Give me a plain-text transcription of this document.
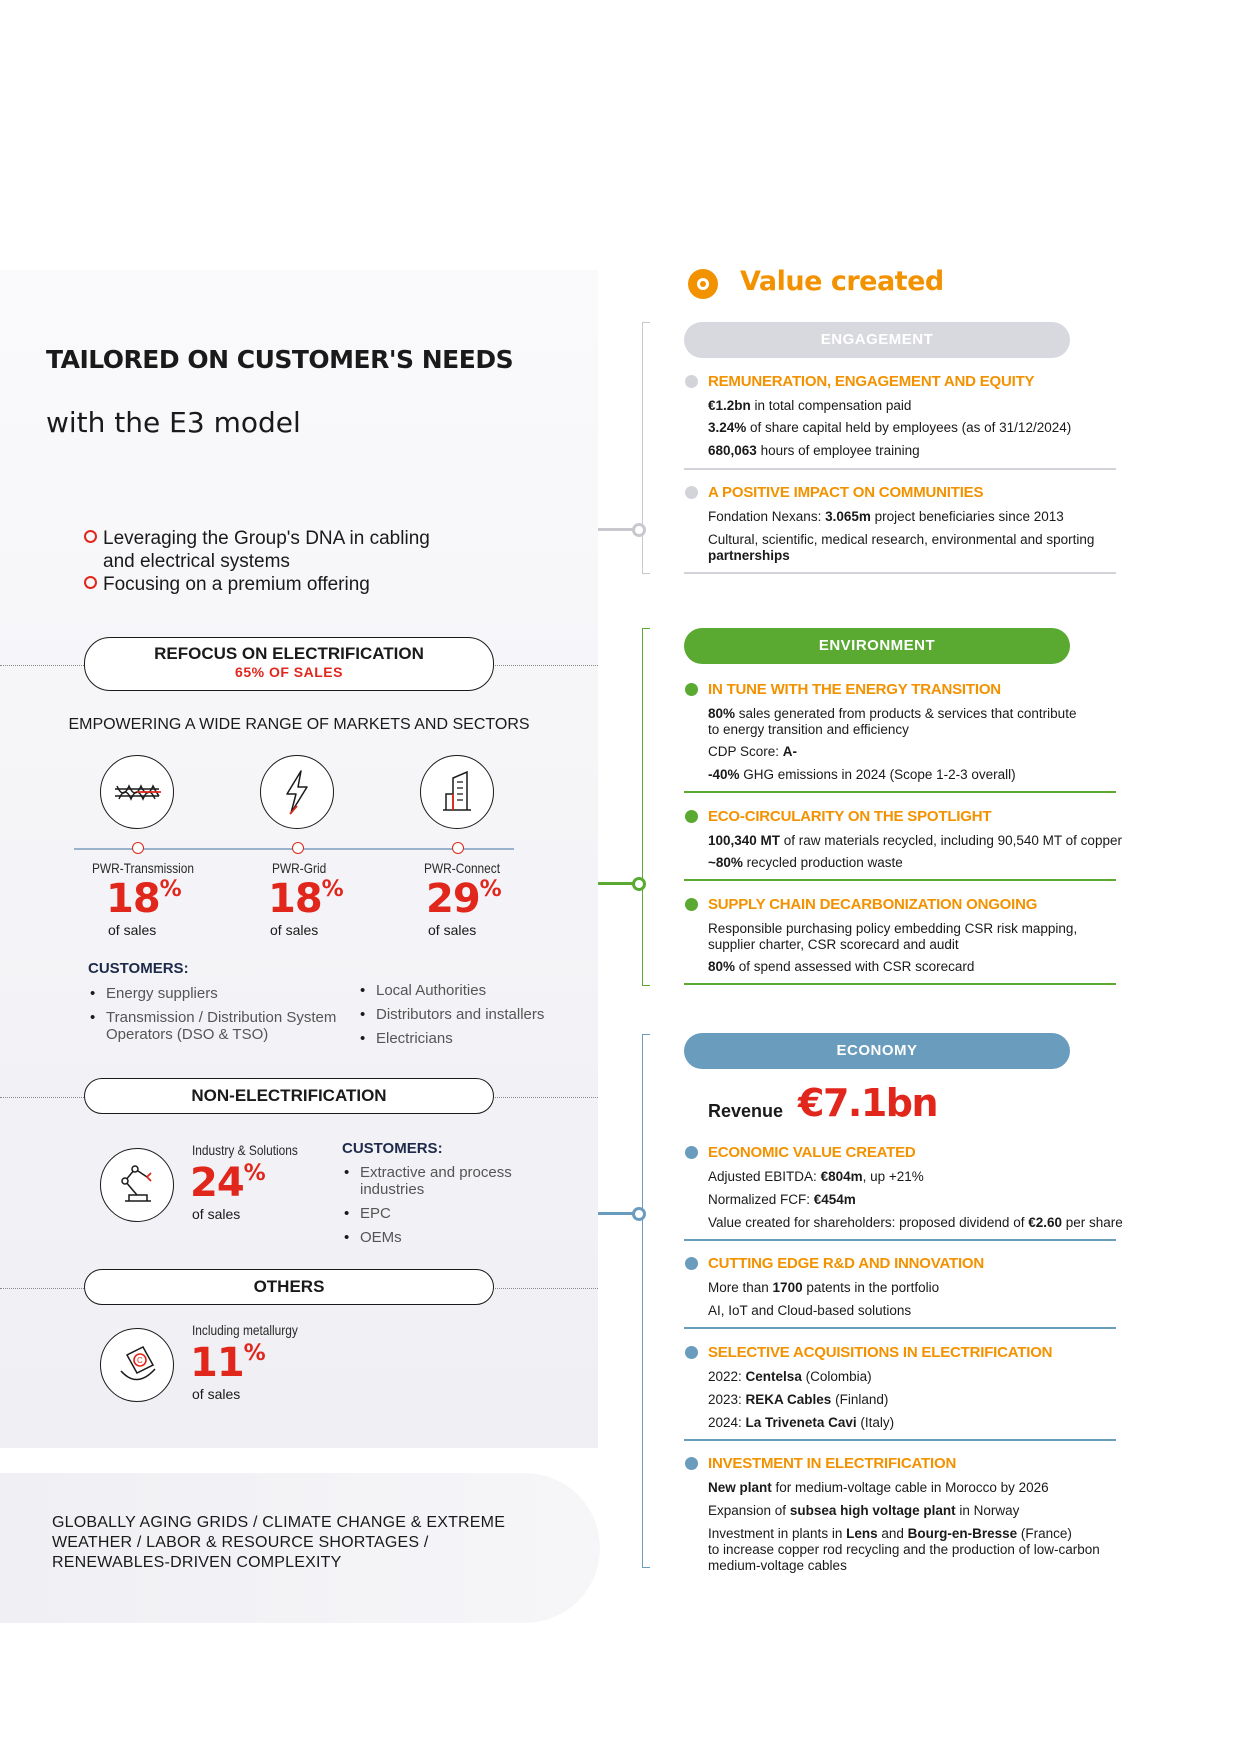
TAILORED ON CUSTOMER'S NEEDS
with the E3 model
Leveraging the Group's DNA in cabling
and electrical systems
Focusing on a premium offering
REFOCUS ON ELECTRIFICATION
65% OF SALES
EMPOWERING A WIDE RANGE OF MARKETS AND SECTORS
PWR-Transmission
18%
of sales
PWR-Grid
18%
of sales
PWR-Connect
29%
of sales
CUSTOMERS:
• Energy suppliers
• Transmission / Distribution System Operators (DSO & TSO)
• Local Authorities
• Distributors and installers
• Electricians
NON-ELECTRIFICATION
Industry & Solutions
24%
of sales
CUSTOMERS:
• Extractive and process industries
• EPC
• OEMs
OTHERS
C
Including metallurgy
11%
of sales
GLOBALLY AGING GRIDS / CLIMATE CHANGE & EXTREME
WEATHER / LABOR & RESOURCE SHORTAGES /
RENEWABLES-DRIVEN COMPLEXITY
Value created
ENGAGEMENT
REMUNERATION, ENGAGEMENT AND EQUITY
€1.2bn in total compensation paid
3.24% of share capital held by employees (as of 31/12/2024)
680,063 hours of employee training
A POSITIVE IMPACT ON COMMUNITIES
Fondation Nexans: 3.065m project beneficiaries since 2013
Cultural, scientific, medical research, environmental and sporting
partnerships
ENVIRONMENT
IN TUNE WITH THE ENERGY TRANSITION
80% sales generated from products & services that contribute
to energy transition and efficiency
CDP Score: A-
-40% GHG emissions in 2024 (Scope 1-2-3 overall)
ECO-CIRCULARITY ON THE SPOTLIGHT
100,340 MT of raw materials recycled, including 90,540 MT of copper
~80% recycled production waste
SUPPLY CHAIN DECARBONIZATION ONGOING
Responsible purchasing policy embedding CSR risk mapping,
supplier charter, CSR scorecard and audit
80% of spend assessed with CSR scorecard
ECONOMY
Revenue €7.1bn
ECONOMIC VALUE CREATED
Adjusted EBITDA: €804m, up +21%
Normalized FCF: €454m
Value created for shareholders: proposed dividend of €2.60 per share
CUTTING EDGE R&D AND INNOVATION
More than 1700 patents in the portfolio
AI, IoT and Cloud-based solutions
SELECTIVE ACQUISITIONS IN ELECTRIFICATION
2022: Centelsa (Colombia)
2023: REKA Cables (Finland)
2024: La Triveneta Cavi (Italy)
INVESTMENT IN ELECTRIFICATION
New plant for medium-voltage cable in Morocco by 2026
Expansion of subsea high voltage plant in Norway
Investment in plants in Lens and Bourg-en-Bresse (France)
to increase copper rod recycling and the production of low-carbon
medium-voltage cables
